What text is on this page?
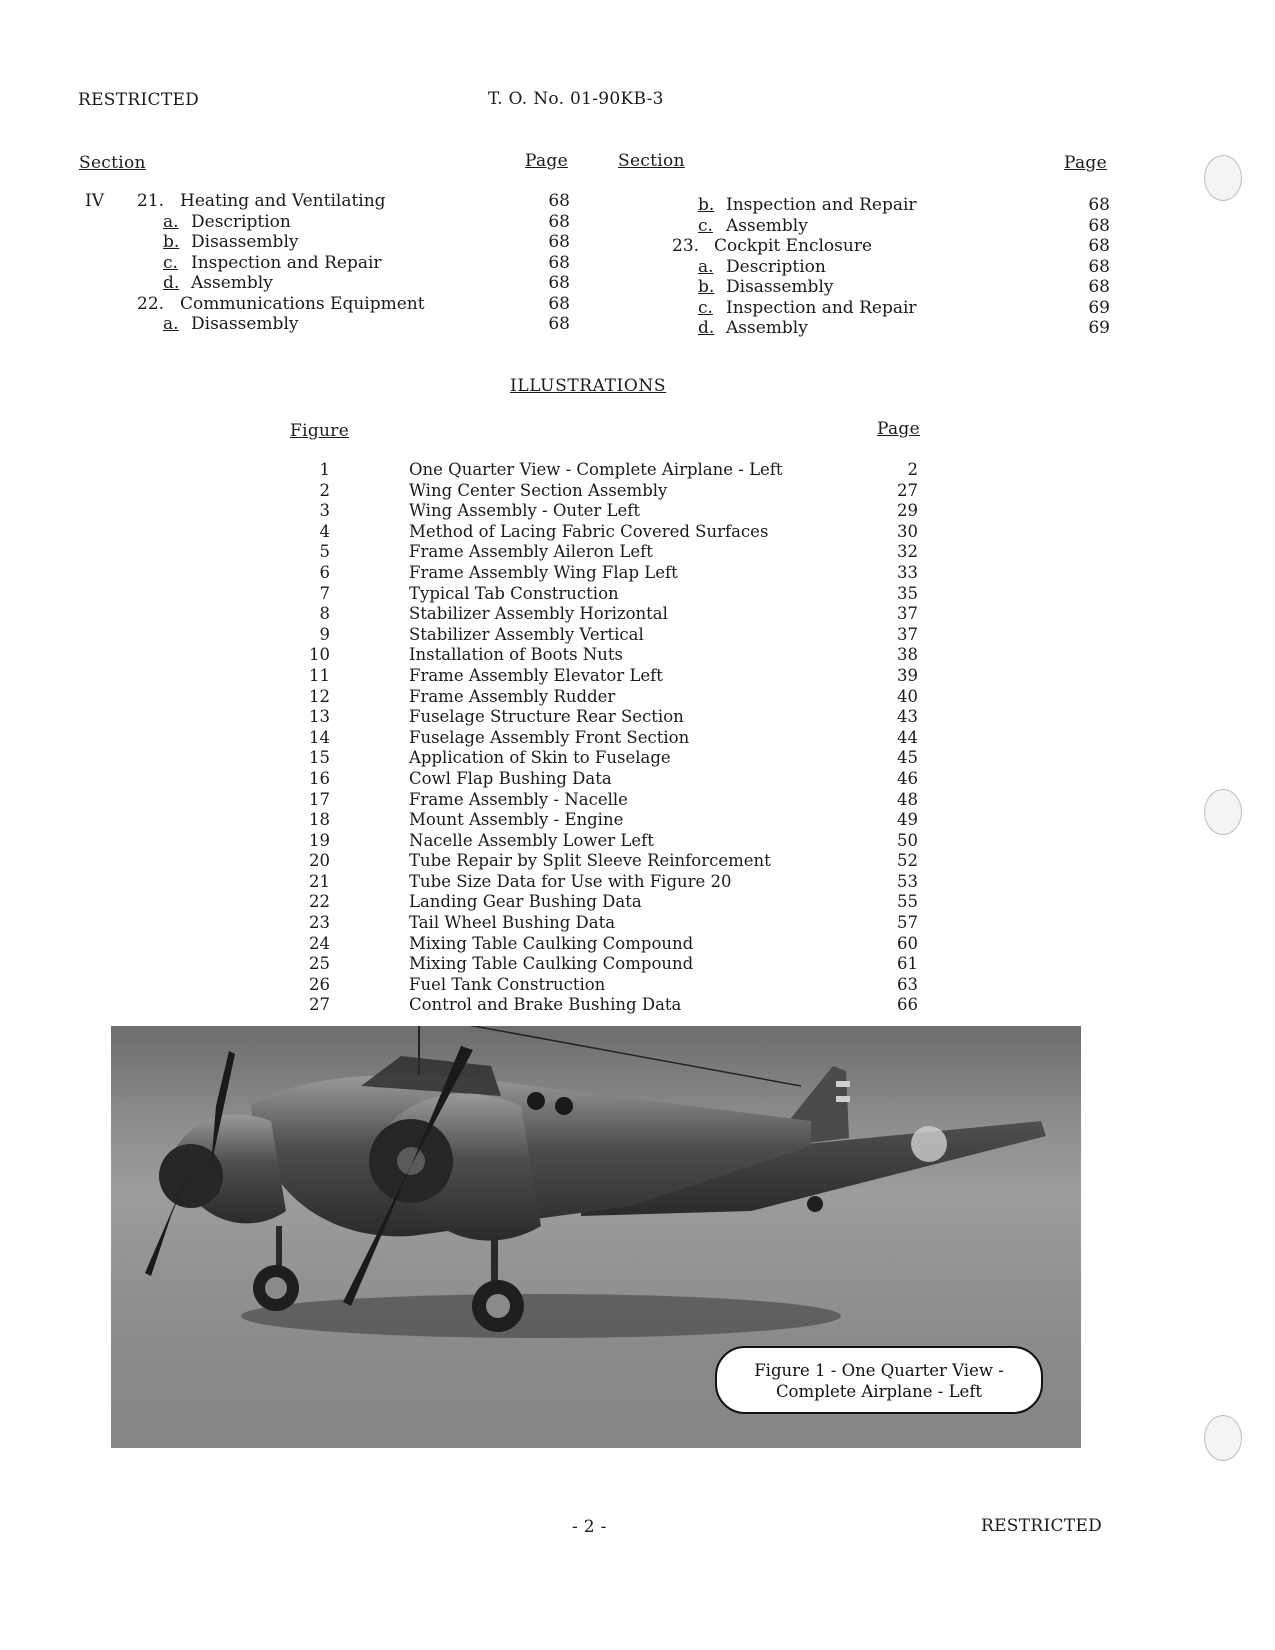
RESTRICTED	T. O. No. 01-90KB-3
Section	Page	Section	Page
IV 21. Heating and Ventilating	68
a. Description	68
b. Disassembly	68
c. Inspection and Repair	68
d. Assembly	68
22. Communications Equipment	68
a. Disassembly	68
b. Inspection and Repair	68
c. Assembly	68
23. Cockpit Enclosure	68
a. Description	68
b. Disassembly	68
c. Inspection and Repair	69
d. Assembly	69
ILLUSTRATIONS
Figure	Page
1	One Quarter View - Complete Airplane - Left	2
2	Wing Center Section Assembly	27
3	Wing Assembly - Outer Left	29
4	Method of Lacing Fabric Covered Surfaces	30
5	Frame Assembly Aileron Left	32
6	Frame Assembly Wing Flap Left	33
7	Typical Tab Construction	35
8	Stabilizer Assembly Horizontal	37
9	Stabilizer Assembly Vertical	37
10	Installation of Boots Nuts	38
11	Frame Assembly Elevator Left	39
12	Frame Assembly Rudder	40
13	Fuselage Structure Rear Section	43
14	Fuselage Assembly Front Section	44
15	Application of Skin to Fuselage	45
16	Cowl Flap Bushing Data	46
17	Frame Assembly - Nacelle	48
18	Mount Assembly - Engine	49
19	Nacelle Assembly Lower Left	50
20	Tube Repair by Split Sleeve Reinforcement	52
21	Tube Size Data for Use with Figure 20	53
22	Landing Gear Bushing Data	55
23	Tail Wheel Bushing Data	57
24	Mixing Table Caulking Compound	60
25	Mixing Table Caulking Compound	61
26	Fuel Tank Construction	63
27	Control and Brake Bushing Data	66
Figure 1 - One Quarter View -
Complete Airplane - Left
- 2 -	RESTRICTED
